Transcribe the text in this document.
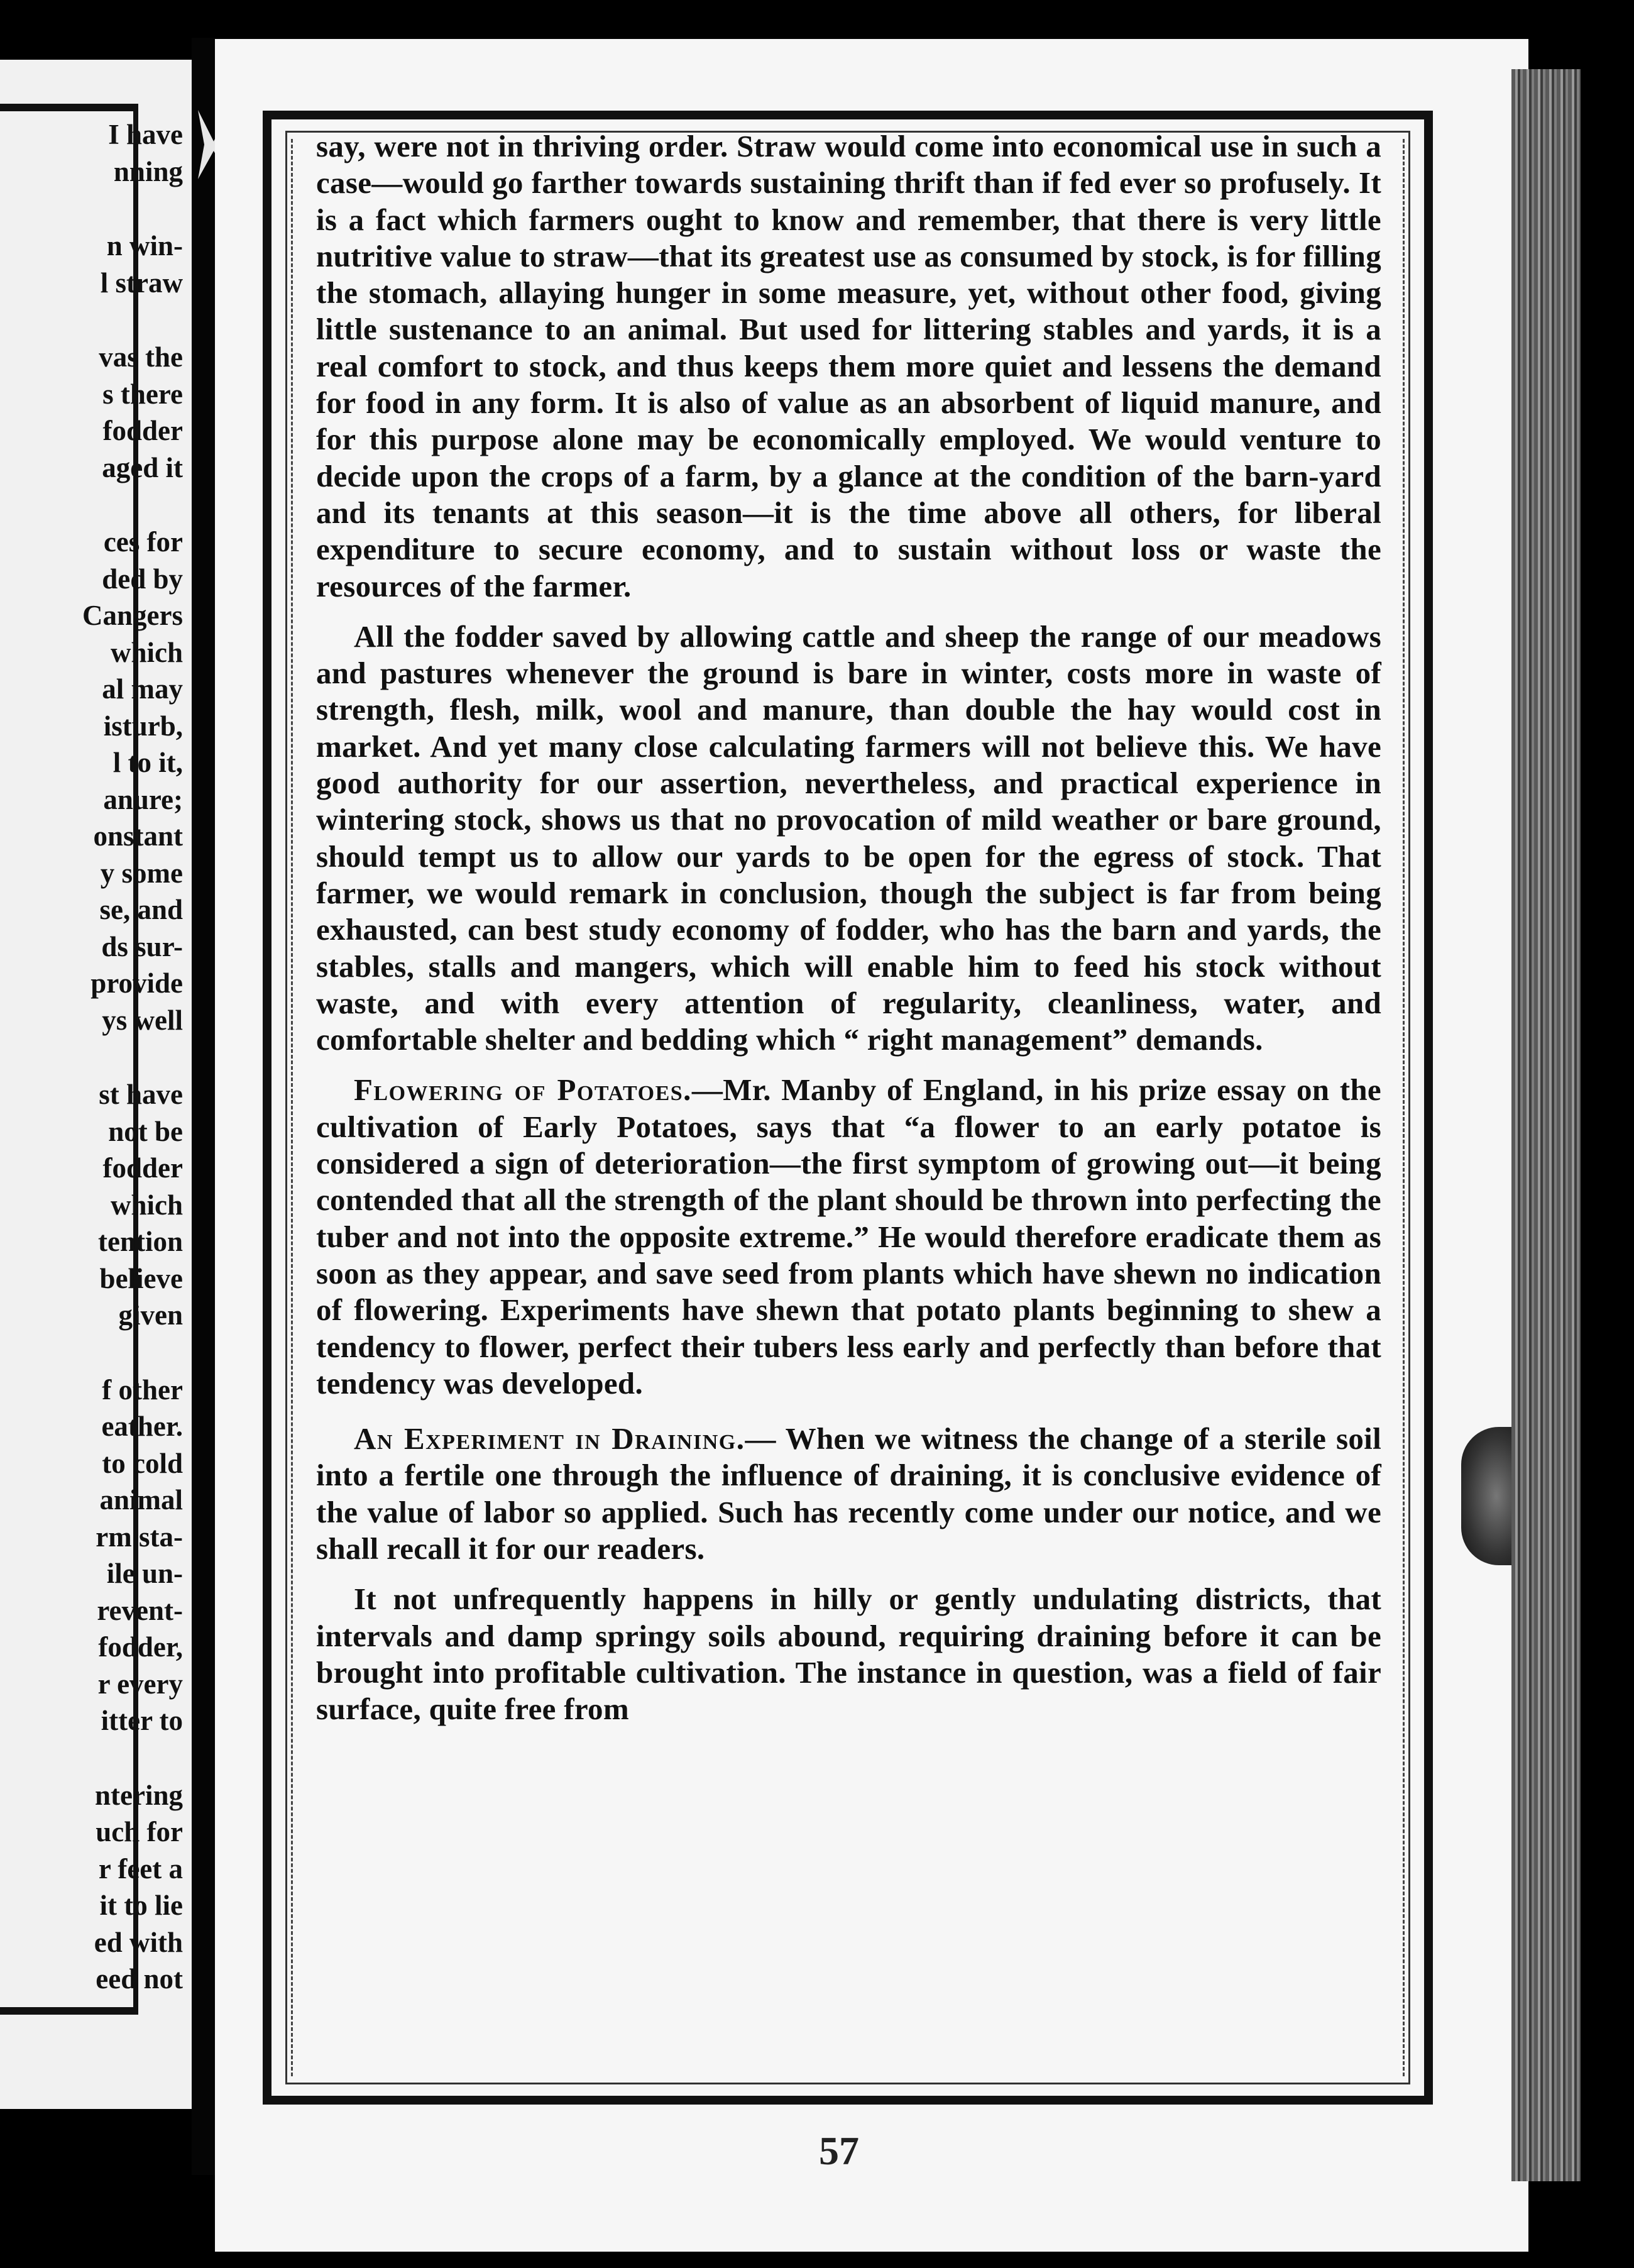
I have
nning
n win-
l straw
vas the
s there
fodder
aged it
ces for
ded by
Cangers
which
al may
isturb,
l to it,
anure;
onstant
y some
se, and
ds sur-
provide
ys well
st have
not be
fodder
which
tention
believe
given
f other
eather.
to cold
animal
rm sta-
ile un-
revent-
fodder,
r every
itter to
ntering
uch for
r feet a
it to lie
ed with
eed not

say, were not in thriving order. Straw would come into economical use in such a case—would go farther towards sustaining thrift than if fed ever so profusely. It is a fact which farmers ought to know and remember, that there is very little nutritive value to straw—that its greatest use as consumed by stock, is for filling the stomach, allaying hunger in some measure, yet, without other food, giving little sustenance to an animal. But used for littering stables and yards, it is a real comfort to stock, and thus keeps them more quiet and lessens the demand for food in any form. It is also of value as an absorbent of liquid manure, and for this purpose alone may be economically employed. We would venture to decide upon the crops of a farm, by a glance at the condition of the barn-yard and its tenants at this season—it is the time above all others, for liberal expenditure to secure economy, and to sustain without loss or waste the resources of the farmer.

All the fodder saved by allowing cattle and sheep the range of our meadows and pastures whenever the ground is bare in winter, costs more in waste of strength, flesh, milk, wool and manure, than double the hay would cost in market. And yet many close calculating farmers will not believe this. We have good authority for our assertion, nevertheless, and practical experience in wintering stock, shows us that no provocation of mild weather or bare ground, should tempt us to allow our yards to be open for the egress of stock. That farmer, we would remark in conclusion, though the subject is far from being exhausted, can best study economy of fodder, who has the barn and yards, the stables, stalls and mangers, which will enable him to feed his stock without waste, and with every attention of regularity, cleanliness, water, and comfortable shelter and bedding which “ right management” demands.

Flowering of Potatoes.—Mr. Manby of England, in his prize essay on the cultivation of Early Potatoes, says that “a flower to an early potatoe is considered a sign of deterioration—the first symptom of growing out—it being contended that all the strength of the plant should be thrown into perfecting the tuber and not into the opposite extreme.” He would therefore eradicate them as soon as they appear, and save seed from plants which have shewn no indication of flowering. Experiments have shewn that potato plants beginning to shew a tendency to flower, perfect their tubers less early and perfectly than before that tendency was developed.

An Experiment in Draining.— When we witness the change of a sterile soil into a fertile one through the influence of draining, it is conclusive evidence of the value of labor so applied. Such has recently come under our notice, and we shall recall it for our readers.

It not unfrequently happens in hilly or gently undulating districts, that intervals and damp springy soils abound, requiring draining before it can be brought into profitable cultivation. The instance in question, was a field of fair surface, quite free from

57
